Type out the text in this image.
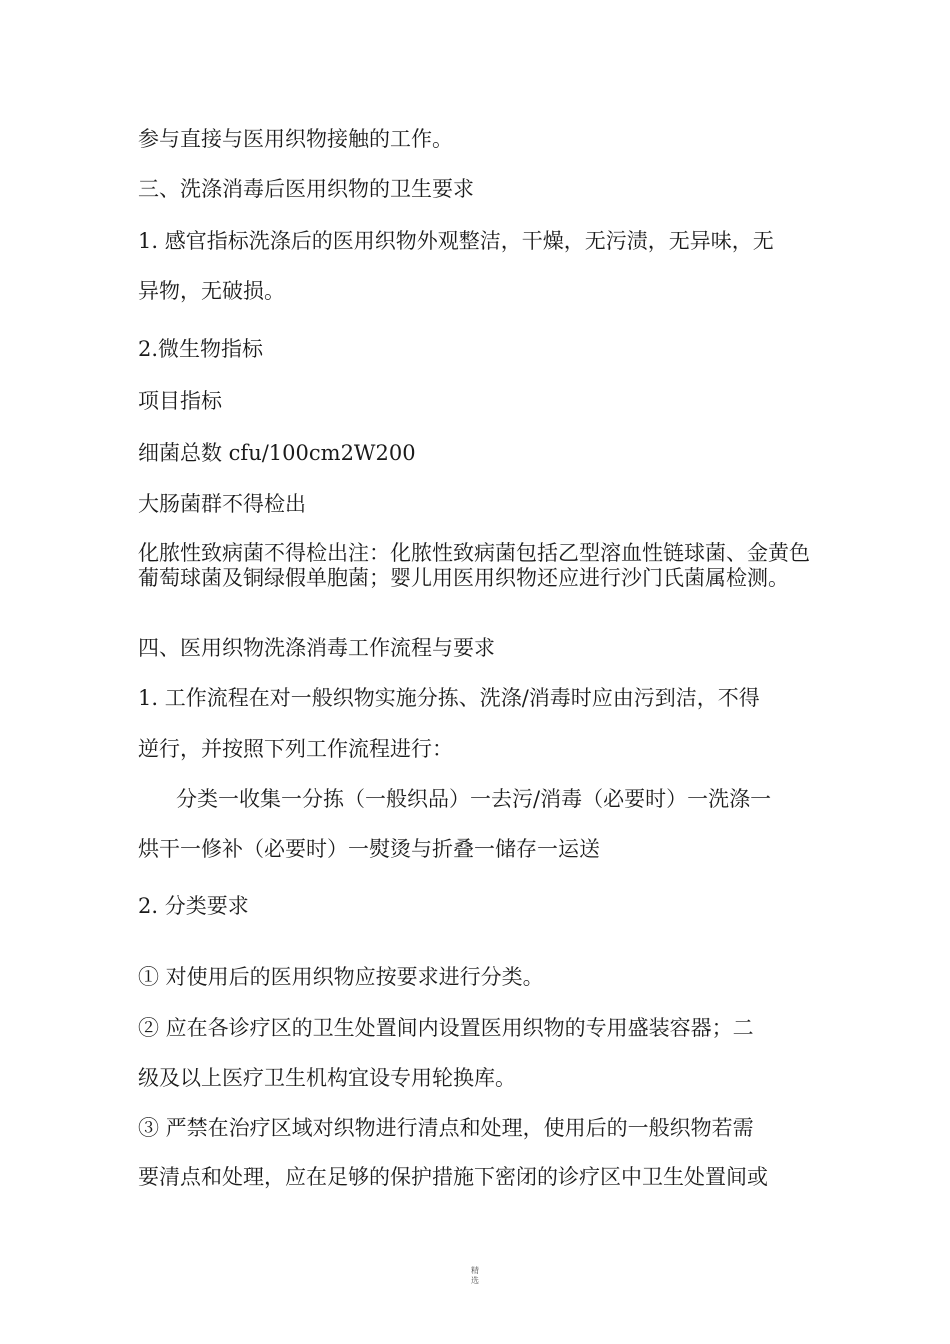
参与直接与医用织物接触的工作。
三、洗涤消毒后医用织物的卫生要求
1. 感官指标洗涤后的医用织物外观整洁，干燥，无污渍，无异味，无
异物，无破损。
2.微生物指标
项目指标
细菌总数 cfu/100cm2W200
大肠菌群不得检出
化脓性致病菌不得检出注：化脓性致病菌包括乙型溶血性链球菌、金黄色葡萄球菌及铜绿假单胞菌；婴儿用医用织物还应进行沙门氏菌属检测。
四、医用织物洗涤消毒工作流程与要求
1. 工作流程在对一般织物实施分拣、洗涤/消毒时应由污到洁，不得
逆行，并按照下列工作流程进行：
分类一收集一分拣（一般织品）一去污/消毒（必要时）一洗涤一
烘干一修补（必要时）一熨烫与折叠一储存一运送
2. 分类要求
① 对使用后的医用织物应按要求进行分类。
② 应在各诊疗区的卫生处置间内设置医用织物的专用盛装容器；二
级及以上医疗卫生机构宜设专用轮换库。
③ 严禁在治疗区域对织物进行清点和处理，使用后的一般织物若需
要清点和处理，应在足够的保护措施下密闭的诊疗区中卫生处置间或
精
选
